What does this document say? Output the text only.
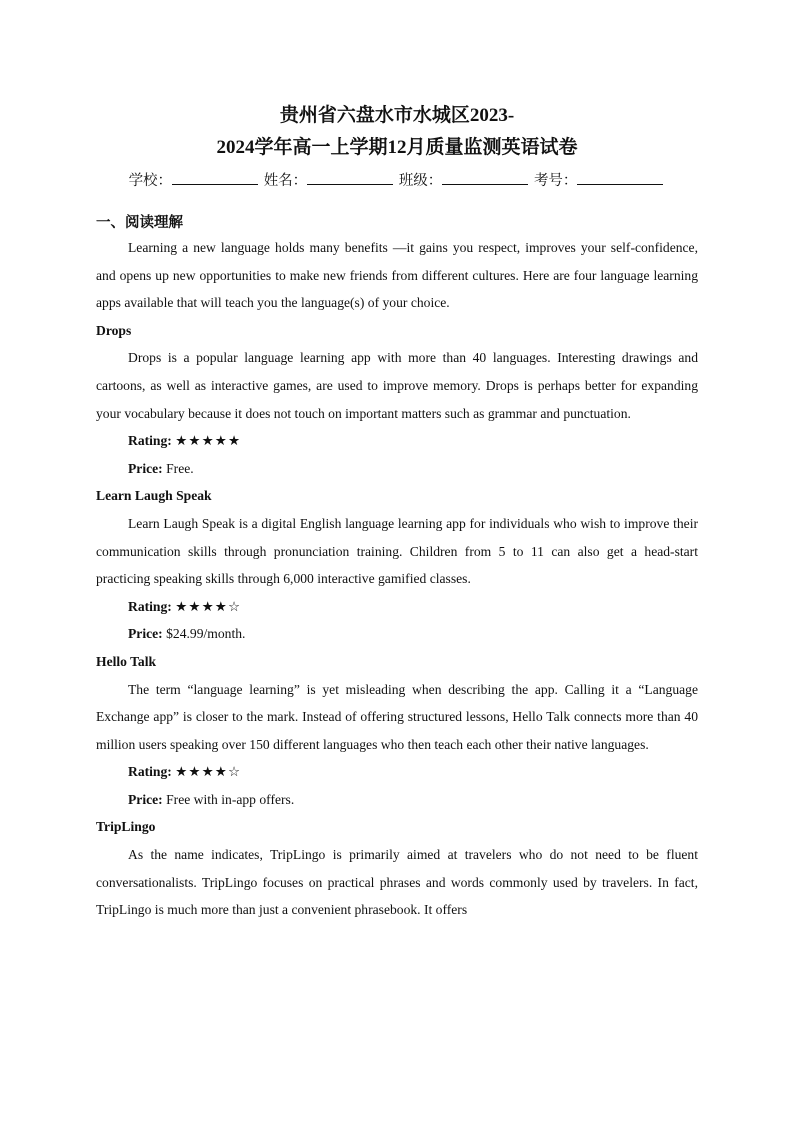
贵州省六盘水市水城区2023-
2024学年高一上学期12月质量监测英语试卷
学校：	姓名：	班级：	考号：
一、阅读理解

Learning a new language holds many benefits —it gains you respect, improves your self-confidence, and opens up new opportunities to make new friends from different cultures. Here are four language learning apps available that will teach you the language(s) of your choice.

Drops

Drops is a popular language learning app with more than 40 languages. Interesting drawings and cartoons, as well as interactive games, are used to improve memory. Drops is perhaps better for expanding your vocabulary because it does not touch on important matters such as grammar and punctuation.

Rating: ★★★★★
Price: Free.
Learn Laugh Speak

Learn Laugh Speak is a digital English language learning app for individuals who wish to improve their communication skills through pronunciation training. Children from 5 to 11 can also get a head-start practicing speaking skills through 6,000 interactive gamified classes.

Rating: ★★★★☆
Price: $24.99/month.
Hello Talk

The term “language learning” is yet misleading when describing the app. Calling it a “Language Exchange app” is closer to the mark. Instead of offering structured lessons, Hello Talk connects more than 40 million users speaking over 150 different languages who then teach each other their native languages.

Rating: ★★★★☆
Price: Free with in-app offers.
TripLingo

As the name indicates, TripLingo is primarily aimed at travelers who do not need to be fluent conversationalists. TripLingo focuses on practical phrases and words commonly used by travelers. In fact, TripLingo is much more than just a convenient phrasebook. It offers
